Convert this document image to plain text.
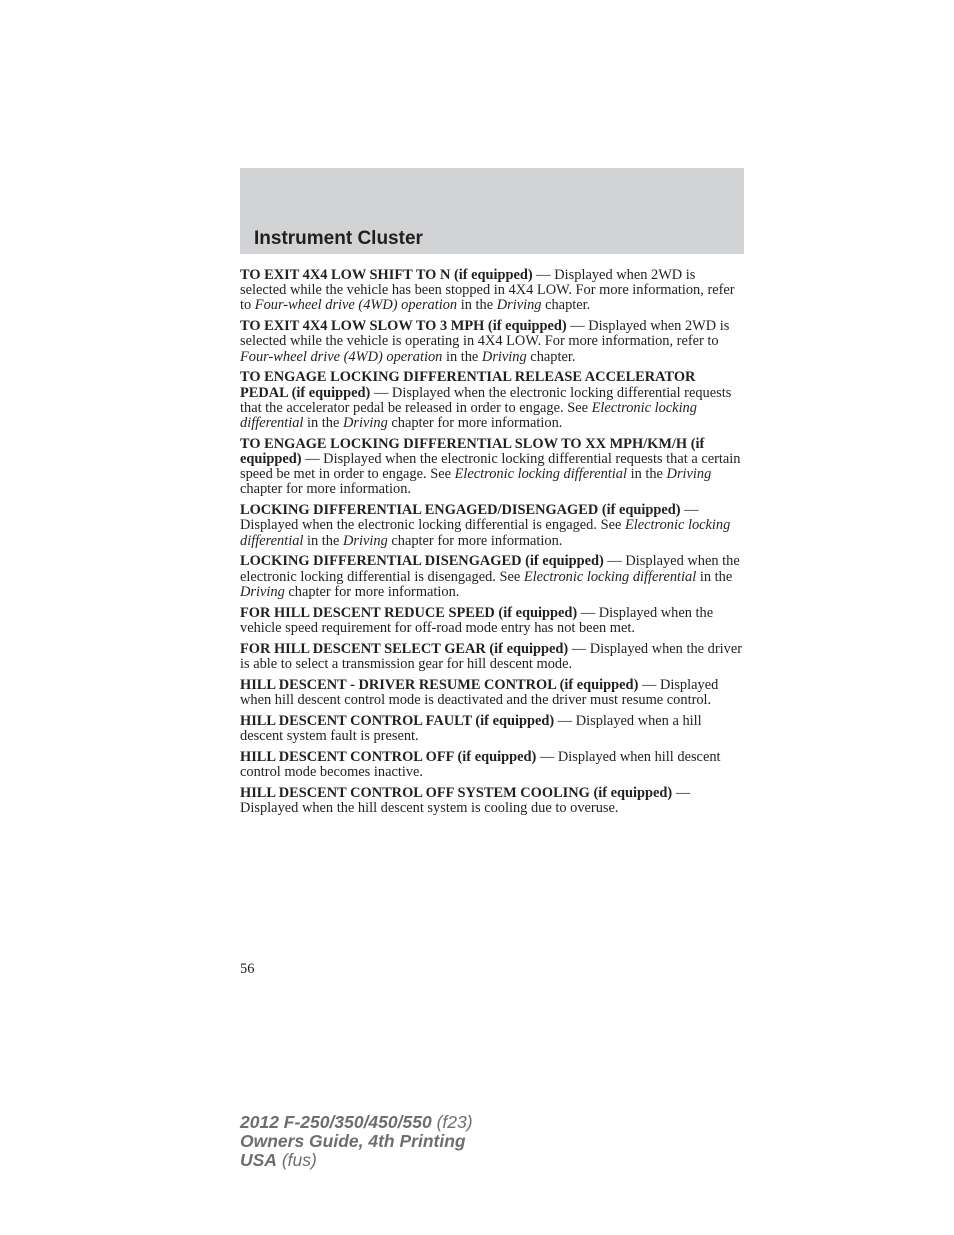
Instrument Cluster

TO EXIT 4X4 LOW SHIFT TO N (if equipped) — Displayed when 2WD is selected while the vehicle has been stopped in 4X4 LOW. For more information, refer to Four-wheel drive (4WD) operation in the Driving chapter.

TO EXIT 4X4 LOW SLOW TO 3 MPH (if equipped) — Displayed when 2WD is selected while the vehicle is operating in 4X4 LOW. For more information, refer to Four-wheel drive (4WD) operation in the Driving chapter.

TO ENGAGE LOCKING DIFFERENTIAL RELEASE ACCELERATOR PEDAL (if equipped) — Displayed when the electronic locking differential requests that the accelerator pedal be released in order to engage. See Electronic locking differential in the Driving chapter for more information.

TO ENGAGE LOCKING DIFFERENTIAL SLOW TO XX MPH/KM/H (if equipped) — Displayed when the electronic locking differential requests that a certain speed be met in order to engage. See Electronic locking differential in the Driving chapter for more information.

LOCKING DIFFERENTIAL ENGAGED/DISENGAGED (if equipped) — Displayed when the electronic locking differential is engaged. See Electronic locking differential in the Driving chapter for more information.

LOCKING DIFFERENTIAL DISENGAGED (if equipped) — Displayed when the electronic locking differential is disengaged. See Electronic locking differential in the Driving chapter for more information.

FOR HILL DESCENT REDUCE SPEED (if equipped) — Displayed when the vehicle speed requirement for off-road mode entry has not been met.

FOR HILL DESCENT SELECT GEAR (if equipped) — Displayed when the driver is able to select a transmission gear for hill descent mode.

HILL DESCENT - DRIVER RESUME CONTROL (if equipped) — Displayed when hill descent control mode is deactivated and the driver must resume control.

HILL DESCENT CONTROL FAULT (if equipped) — Displayed when a hill descent system fault is present.

HILL DESCENT CONTROL OFF (if equipped) — Displayed when hill descent control mode becomes inactive.

HILL DESCENT CONTROL OFF SYSTEM COOLING (if equipped) — Displayed when the hill descent system is cooling due to overuse.

56
2012 F-250/350/450/550 (f23)
Owners Guide, 4th Printing
USA (fus)
